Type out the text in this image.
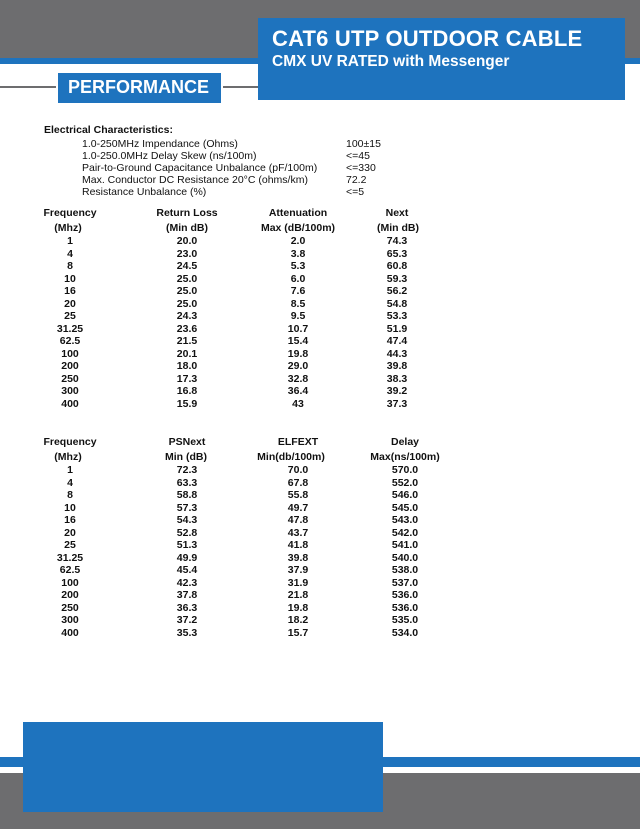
CAT6 UTP OUTDOOR CABLE
CMX UV RATED with Messenger
PERFORMANCE
Electrical Characteristics:
1.0-250MHz Impendance (Ohms)	100±15
1.0-250.0MHz Delay Skew (ns/100m)	<=45
Pair-to-Ground Capacitance Unbalance (pF/100m)	<=330
Max. Conductor DC Resistance 20°C (ohms/km)	72.2
Resistance Unbalance (%)	<=5
Frequency	Return Loss	Attenuation	Next
(Mhz)	(Min dB)	Max (dB/100m)	(Min dB)
1	20.0	2.0	74.3
4	23.0	3.8	65.3
8	24.5	5.3	60.8
10	25.0	6.0	59.3
16	25.0	7.6	56.2
20	25.0	8.5	54.8
25	24.3	9.5	53.3
31.25	23.6	10.7	51.9
62.5	21.5	15.4	47.4
100	20.1	19.8	44.3
200	18.0	29.0	39.8
250	17.3	32.8	38.3
300	16.8	36.4	39.2
400	15.9	43	37.3
Frequency	PSNext	ELFEXT	Delay
(Mhz)	Min (dB)	Min(db/100m)	Max(ns/100m)
1	72.3	70.0	570.0
4	63.3	67.8	552.0
8	58.8	55.8	546.0
10	57.3	49.7	545.0
16	54.3	47.8	543.0
20	52.8	43.7	542.0
25	51.3	41.8	541.0
31.25	49.9	39.8	540.0
62.5	45.4	37.9	538.0
100	42.3	31.9	537.0
200	37.8	21.8	536.0
250	36.3	19.8	536.0
300	37.2	18.2	535.0
400	35.3	15.7	534.0
